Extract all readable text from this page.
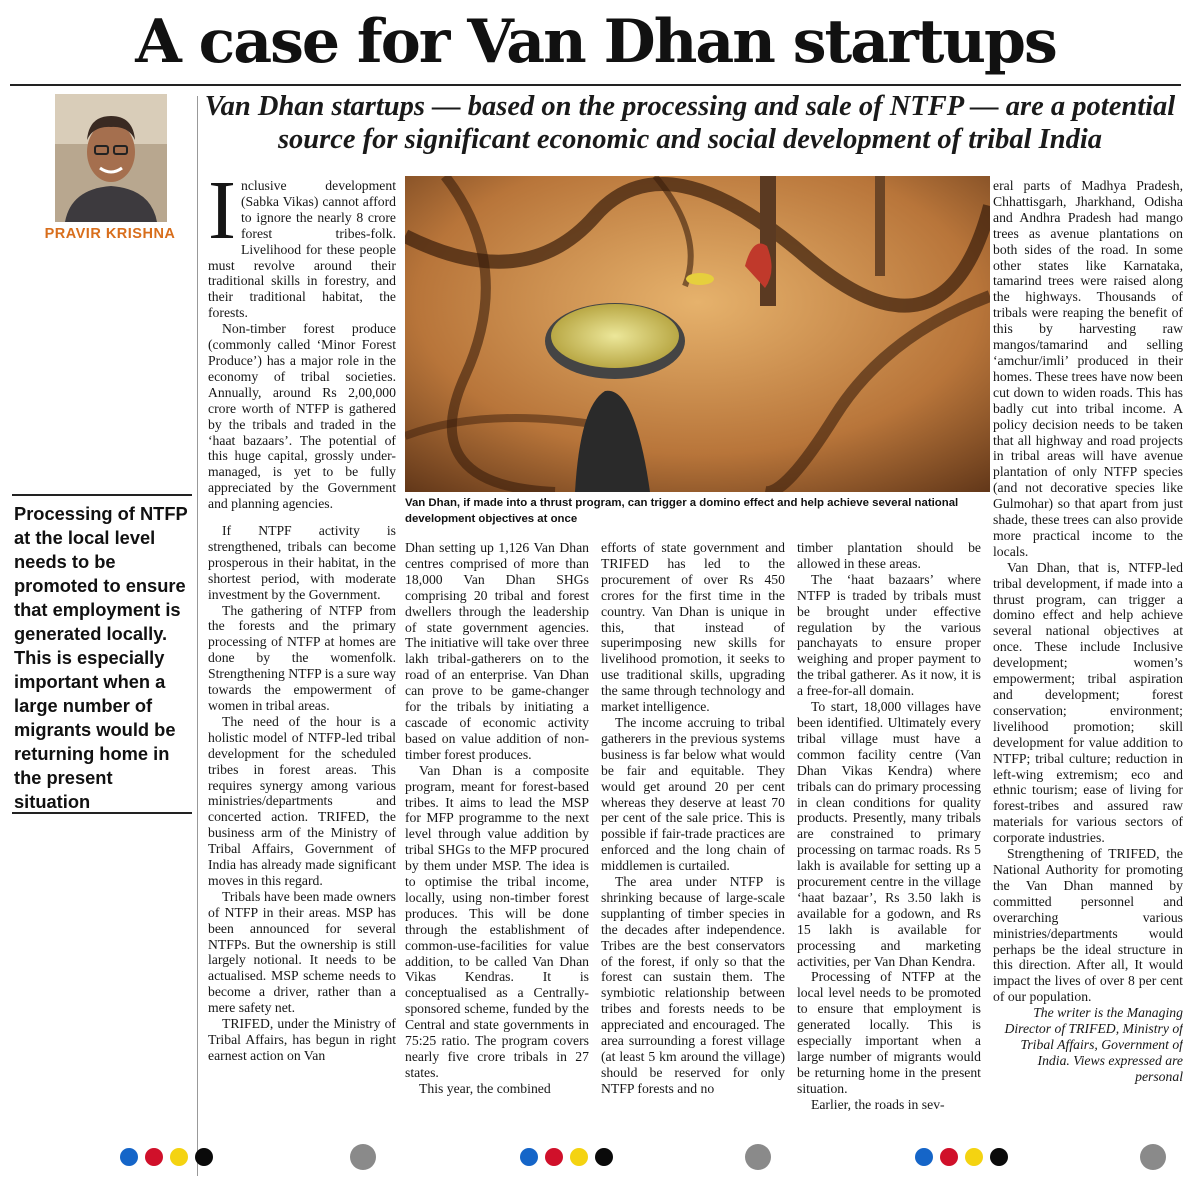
A case for Van Dhan startups
PRAVIR KRISHNA
Van Dhan startups — based on the processing and sale of NTFP — are a potential source for significant economic and social development of tribal India
Processing of NTFP at the local level needs to be promoted to ensure that employment is generated locally. This is especially important when a large number of migrants would be returning home in the present situation
Van Dhan, if made into a thrust program, can trigger a domino effect and help achieve several national development objectives at once

Inclusive development (Sabka Vikas) cannot afford to ignore the nearly 8 crore forest tribes-folk. Livelihood for these people must revolve around their traditional skills in forestry, and their traditional habitat, the forests.

Non-timber forest produce (commonly called ‘Minor Forest Produce’) has a major role in the economy of tribal societies. Annually, around Rs 2,00,000 crore worth of NTFP is gathered by the tribals and traded in the ‘haat bazaars’. The potential of this huge capital, grossly under-managed, is yet to be fully appreciated by the Government and planning agencies.

If NTPF activity is strengthened, tribals can become prosperous in their habitat, in the shortest period, with moderate investment by the Government.

The gathering of NTFP from the forests and the primary processing of NTFP at homes are done by the womenfolk. Strengthening NTFP is a sure way towards the empowerment of women in tribal areas.

The need of the hour is a holistic model of NTFP-led tribal development for the scheduled tribes in forest areas. This requires synergy among various ministries/departments and concerted action. TRIFED, the business arm of the Ministry of Tribal Affairs, Government of India has already made significant moves in this regard.

Tribals have been made owners of NTFP in their areas. MSP has been announced for several NTFPs. But the ownership is still largely notional. It needs to be actualised. MSP scheme needs to become a driver, rather than a mere safety net.

TRIFED, under the Ministry of Tribal Affairs, has begun in right earnest action on Van

Dhan setting up 1,126 Van Dhan centres comprised of more than 18,000 Van Dhan SHGs comprising 20 tribal and forest dwellers through the leadership of state government agencies. The initiative will take over three lakh tribal-gatherers on to the road of an enterprise. Van Dhan can prove to be game-changer for the tribals by initiating a cascade of economic activity based on value addition of non-timber forest produces.

Van Dhan is a composite program, meant for forest-based tribes. It aims to lead the MSP for MFP programme to the next level through value addition by tribal SHGs to the MFP procured by them under MSP. The idea is to optimise the tribal income, locally, using non-timber forest produces. This will be done through the establishment of common-use-facilities for value addition, to be called Van Dhan Vikas Kendras. It is conceptualised as a Centrally-sponsored scheme, funded by the Central and state governments in 75:25 ratio. The program covers nearly five crore tribals in 27 states.

This year, the combined

efforts of state government and TRIFED has led to the procurement of over Rs 450 crores for the first time in the country. Van Dhan is unique in this, that instead of superimposing new skills for livelihood promotion, it seeks to use traditional skills, upgrading the same through technology and market intelligence.

The income accruing to tribal gatherers in the previous systems business is far below what would be fair and equitable. They would get around 20 per cent whereas they deserve at least 70 per cent of the sale price. This is possible if fair-trade practices are enforced and the long chain of middlemen is curtailed.

The area under NTFP is shrinking because of large-scale supplanting of timber species in the decades after independence. Tribes are the best conservators of the forest, if only so that the forest can sustain them. The symbiotic relationship between tribes and forests needs to be appreciated and encouraged. The area surrounding a forest village (at least 5 km around the village) should be reserved for only NTFP forests and no

timber plantation should be allowed in these areas.

The ‘haat bazaars’ where NTFP is traded by tribals must be brought under effective regulation by the various panchayats to ensure proper weighing and proper payment to the tribal gatherer. As it now, it is a free-for-all domain.

To start, 18,000 villages have been identified. Ultimately every tribal village must have a common facility centre (Van Dhan Vikas Kendra) where tribals can do primary processing in clean conditions for quality products. Presently, many tribals are constrained to primary processing on tarmac roads. Rs 5 lakh is available for setting up a procurement centre in the village ‘haat bazaar’, Rs 3.50 lakh is available for a godown, and Rs 15 lakh is available for processing and marketing activities, per Van Dhan Kendra.

Processing of NTFP at the local level needs to be promoted to ensure that employment is generated locally. This is especially important when a large number of migrants would be returning home in the present situation.

Earlier, the roads in sev-

eral parts of Madhya Pradesh, Chhattisgarh, Jharkhand, Odisha and Andhra Pradesh had mango trees as avenue plantations on both sides of the road. In some other states like Karnataka, tamarind trees were raised along the highways. Thousands of tribals were reaping the benefit of this by harvesting raw mangos/tamarind and selling ‘amchur/imli’ produced in their homes. These trees have now been cut down to widen roads. This has badly cut into tribal income. A policy decision needs to be taken that all highway and road projects in tribal areas will have avenue plantation of only NTFP species (and not decorative species like Gulmohar) so that apart from just shade, these trees can also provide more practical income to the locals.

Van Dhan, that is, NTFP-led tribal development, if made into a thrust program, can trigger a domino effect and help achieve several national objectives at once. These include Inclusive development; women’s empowerment; tribal aspiration and development; forest conservation; environment; livelihood promotion; skill development for value addition to NTFP; tribal culture; reduction in left-wing extremism; eco and ethnic tourism; ease of living for forest-tribes and assured raw materials for various sectors of corporate industries.

Strengthening of TRIFED, the National Authority for promoting the Van Dhan manned by committed personnel and overarching various ministries/departments would perhaps be the ideal structure in this direction. After all, It would impact the lives of over 8 per cent of our population.

The writer is the Managing Director of TRIFED, Ministry of Tribal Affairs, Government of India. Views expressed are personal
